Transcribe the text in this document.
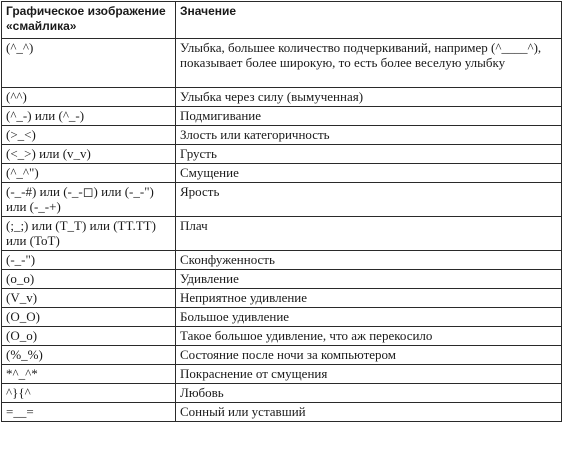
Графическое изображение «смайлика»	Значение
(^_^)	Улыбка, большее количество подчеркиваний, например (^____^), показывает более широкую, то есть более веселую улыбку
(^^)	Улыбка через силу (вымученная)
(^_-) или (^_-)	Подмигивание
(>_<)	Злость или категоричность
(<_>) или (v_v)	Грусть
(^_^")	Смущение
(-_-#) или (-_-◻) или (-_-") или (-_-+)	Ярость
(;_;) или (T_T) или (TT.TT) или (ToT)	Плач
(-_-")	Сконфуженность
(o_o)	Удивление
(V_v)	Неприятное удивление
(O_O)	Большое удивление
(O_o)	Такое большое удивление, что аж перекосило
(%_%)	Состояние после ночи за компьютером
*^_^*	Покраснение от смущения
^}{^	Любовь
=__=	Сонный или уставший
